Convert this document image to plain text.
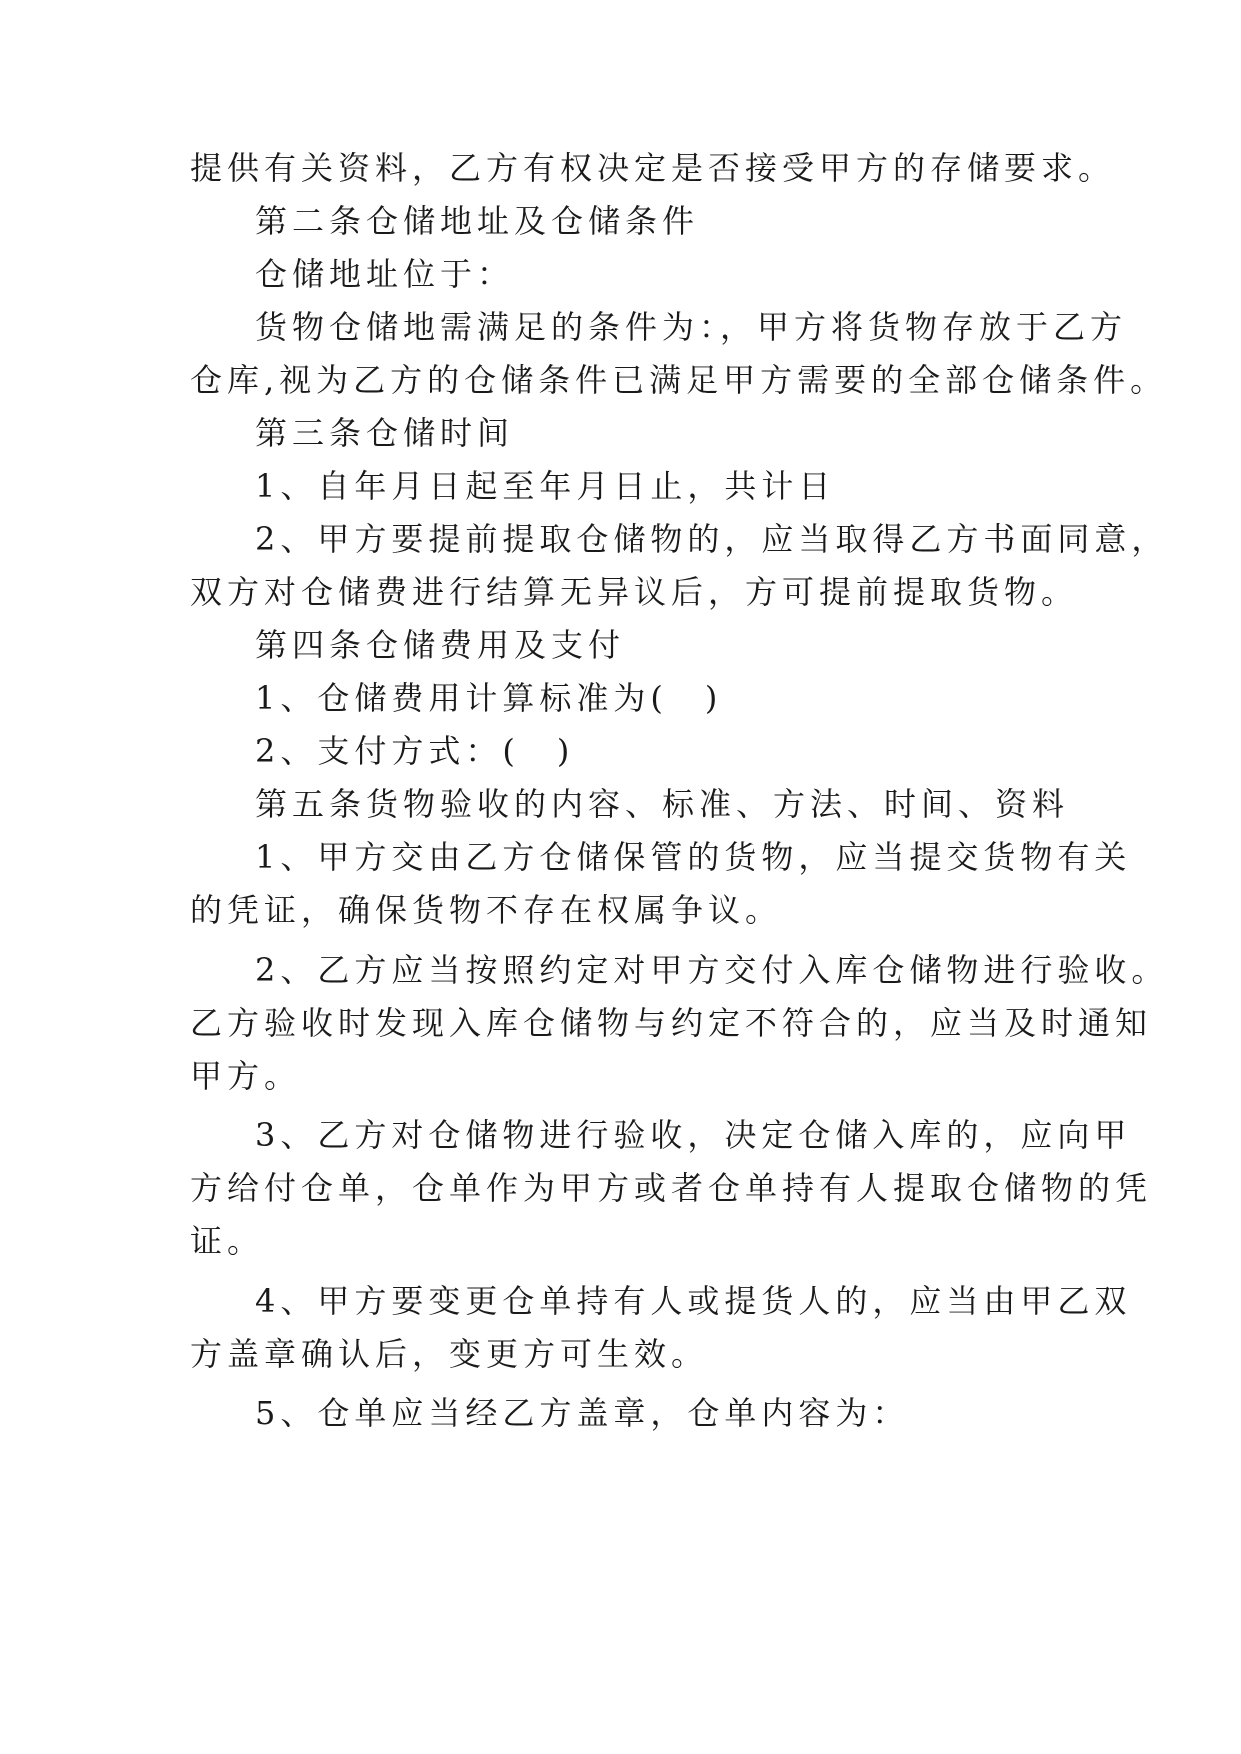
提供有关资料，乙方有权决定是否接受甲方的存储要求。
第二条仓储地址及仓储条件
仓储地址位于：
货物仓储地需满足的条件为：，甲方将货物存放于乙方
仓库,视为乙方的仓储条件已满足甲方需要的全部仓储条件。
第三条仓储时间
1、自年月日起至年月日止，共计日
2、甲方要提前提取仓储物的，应当取得乙方书面同意，
双方对仓储费进行结算无异议后，方可提前提取货物。
第四条仓储费用及支付
1、仓储费用计算标准为(　)
2、支付方式：(　)
第五条货物验收的内容、标准、方法、时间、资料
1、甲方交由乙方仓储保管的货物，应当提交货物有关
的凭证，确保货物不存在权属争议。
2、乙方应当按照约定对甲方交付入库仓储物进行验收。
乙方验收时发现入库仓储物与约定不符合的，应当及时通知
甲方。
3、乙方对仓储物进行验收，决定仓储入库的，应向甲
方给付仓单，仓单作为甲方或者仓单持有人提取仓储物的凭
证。
4、甲方要变更仓单持有人或提货人的，应当由甲乙双
方盖章确认后，变更方可生效。
5、仓单应当经乙方盖章，仓单内容为：
